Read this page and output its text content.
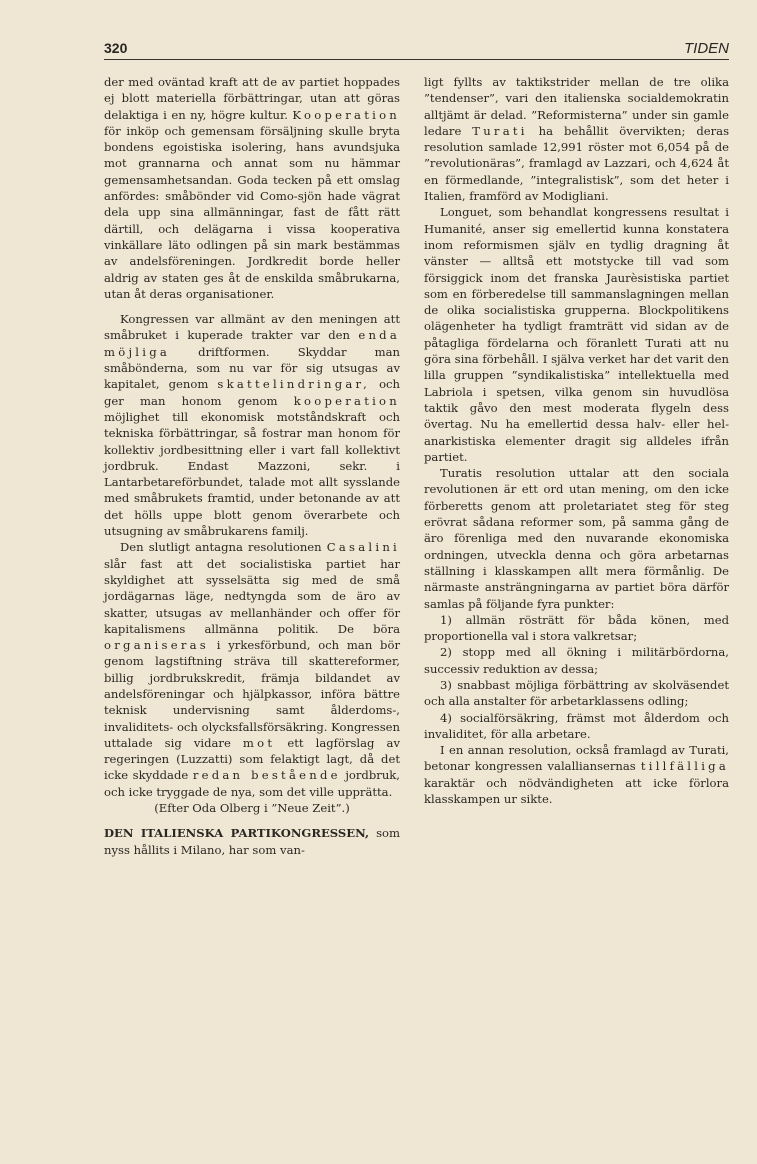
320	TIDEN

der med oväntad kraft att de av partiet hoppades ej blott materiella förbättringar, utan att göras delaktiga i en ny, högre kultur. Kooperation för inköp och gemensam försäljning skulle bryta bondens egoistiska isolering, hans avundsjuka mot grannarna och annat som nu hämmar gemensamhetsandan. Goda tecken på ett omslag anfördes: småbönder vid Como-sjön hade vägrat dela upp sina allmänningar, fast de fått rätt därtill, och delägarna i vissa kooperativa vinkällare läto odlingen på sin mark bestämmas av andelsföreningen. Jordkredit borde heller aldrig av staten ges åt de enskilda småbrukarna, utan åt deras organisationer.

Kongressen var allmänt av den meningen att småbruket i kuperade trakter var den enda möjliga driftformen. Skyddar man småbönderna, som nu var för sig utsugas av kapitalet, genom skattelindringar, och ger man honom genom kooperation möjlighet till ekonomisk motståndskraft och tekniska förbättringar, så fostrar man honom för kollektiv jordbesittning eller i vart fall kollektivt jordbruk. Endast Mazzoni, sekr. i Lantarbetareförbundet, talade mot allt sysslande med småbrukets framtid, under betonande av att det hölls uppe blott genom överarbete och utsugning av småbrukarens familj.

Den slutligt antagna resolutionen Casalini slår fast att det socialistiska partiet har skyldighet att sysselsätta sig med de små jordägarnas läge, nedtyngda som de äro av skatter, utsugas av mellanhänder och offer för kapitalismens allmänna politik. De böra organiseras i yrkesförbund, och man bör genom lagstiftning sträva till skattereformer, billig jordbrukskredit, främja bildandet av andelsföreningar och hjälpkassor, införa bättre teknisk undervisning samt ålderdoms-, invaliditets- och olycksfallsförsäkring. Kongressen uttalade sig vidare mot ett lagförslag av regeringen (Luzzatti) som felaktigt lagt, då det icke skyddade redan bestående jordbruk, och icke tryggade de nya, som det ville upprätta.

(Efter Oda Olberg i ”Neue Zeit”.)

DEN ITALIENSKA PARTIKONGRESSEN, som nyss hållits i Milano, har som van-

ligt fyllts av taktikstrider mellan de tre olika ”tendenser”, vari den italienska socialdemokratin alltjämt är delad. ”Reformisterna” under sin gamle ledare Turati ha behållit övervikten; deras resolution samlade 12,991 röster mot 6,054 på de ”revolutionäras”, framlagd av Lazzari, och 4,624 åt en förmedlande, ”integralistisk”, som det heter i Italien, framförd av Modigliani.

Longuet, som behandlat kongressens resultat i Humanité, anser sig emellertid kunna konstatera inom reformismen själv en tydlig dragning åt vänster — alltså ett motstycke till vad som försiggick inom det franska Jaurèsistiska partiet som en förberedelse till sammanslagningen mellan de olika socialistiska grupperna. Blockpolitikens olägenheter ha tydligt framträtt vid sidan av de påtagliga fördelarna och föranlett Turati att nu göra sina förbehåll. I själva verket har det varit den lilla gruppen ”syndikalistiska” intellektuella med Labriola i spetsen, vilka genom sin huvudlösa taktik gåvo den mest moderata flygeln dess övertag. Nu ha emellertid dessa halv- eller hel-anarkistiska elementer dragit sig alldeles ifrån partiet.

Turatis resolution uttalar att den sociala revolutionen är ett ord utan mening, om den icke förberetts genom att proletariatet steg för steg erövrat sådana reformer som, på samma gång de äro förenliga med den nuvarande ekonomiska ordningen, utveckla denna och göra arbetarnas ställning i klasskampen allt mera förmånlig. De närmaste ansträngningarna av partiet böra därför samlas på följande fyra punkter:

1) allmän rösträtt för båda könen, med proportionella val i stora valkretsar;

2) stopp med all ökning i militärbördorna, successiv reduktion av dessa;

3) snabbast möjliga förbättring av skolväsendet och alla anstalter för arbetarklassens odling;

4) socialförsäkring, främst mot ålderdom och invaliditet, för alla arbetare.

I en annan resolution, också framlagd av Turati, betonar kongressen valalliansernas tillfälliga karaktär och nödvändigheten att icke förlora klasskampen ur sikte.
